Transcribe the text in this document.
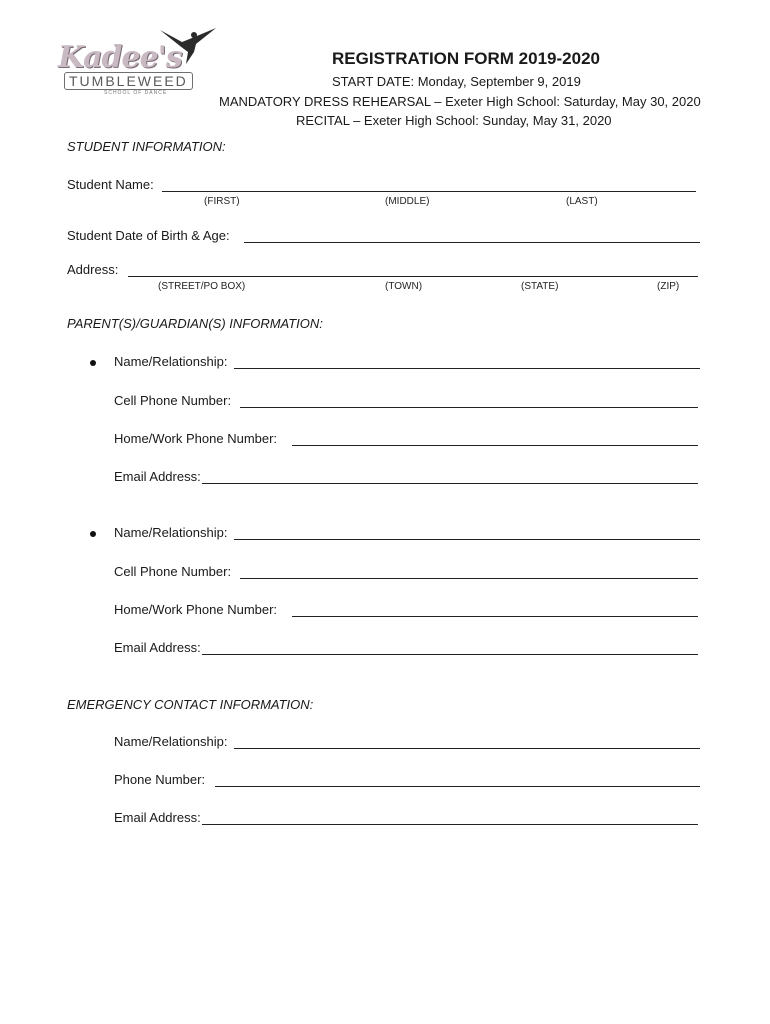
Kadee's
TUMBLEWEED
SCHOOL OF DANCE
REGISTRATION FORM 2019-2020
START DATE: Monday, September 9, 2019
MANDATORY DRESS REHEARSAL – Exeter High School: Saturday, May 30, 2020
RECITAL – Exeter High School: Sunday, May 31, 2020
STUDENT INFORMATION:
Student Name:
(FIRST)	(MIDDLE)	(LAST)
Student Date of Birth & Age:
Address:
(STREET/PO BOX)	(TOWN)	(STATE)	(ZIP)
PARENT(S)/GUARDIAN(S) INFORMATION:
Name/Relationship:
Cell Phone Number:
Home/Work Phone Number:
Email Address:
Name/Relationship:
Cell Phone Number:
Home/Work Phone Number:
Email Address:
EMERGENCY CONTACT INFORMATION:
Name/Relationship:
Phone Number:
Email Address:
